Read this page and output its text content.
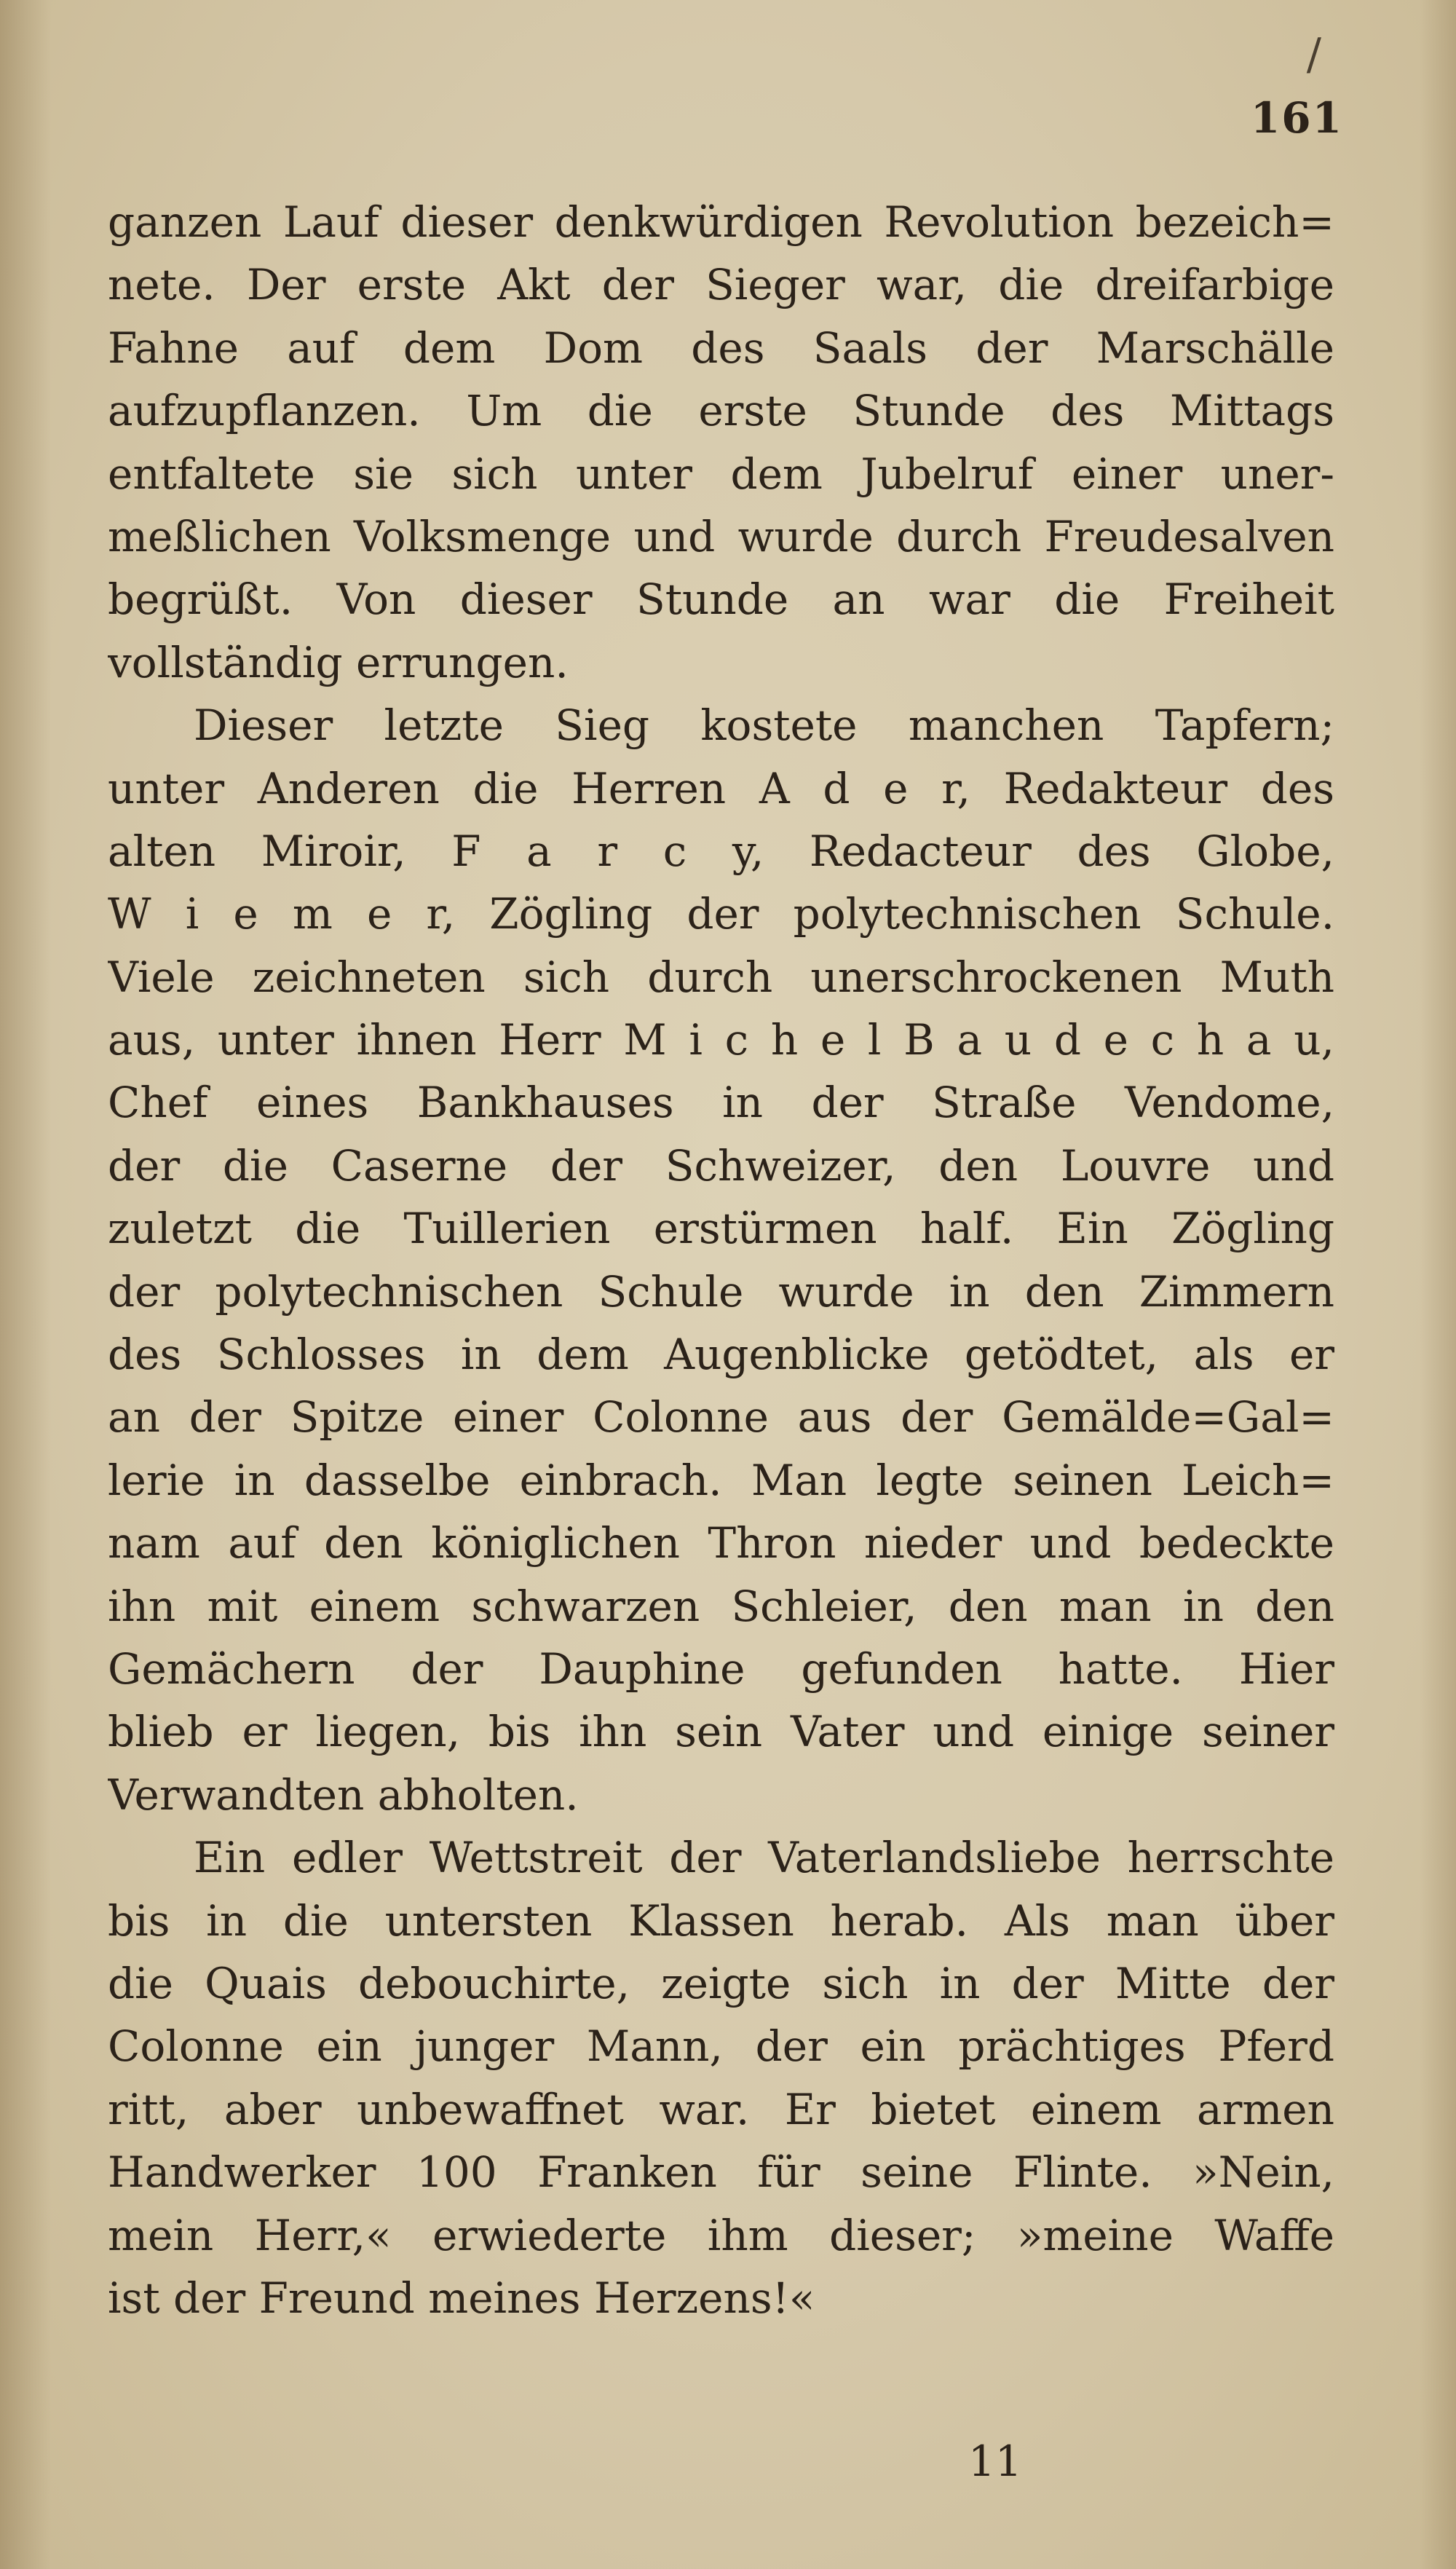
/
161
ganzen Lauf dieser denkwürdigen Revolution bezeich=
nete. Der erste Akt der Sieger war, die dreifarbige
Fahne auf dem Dom des Saals der Marschälle
aufzupflanzen. Um die erste Stunde des Mittags
entfaltete sie sich unter dem Jubelruf einer uner-
meßlichen Volksmenge und wurde durch Freudesalven
begrüßt. Von dieser Stunde an war die Freiheit
vollständig errungen.
Dieser letzte Sieg kostete manchen Tapfern;
unter Anderen die Herren A d e r, Redakteur des
alten Miroir, F a r c y, Redacteur des Globe,
W i e m e r, Zögling der polytechnischen Schule.
Viele zeichneten sich durch unerschrockenen Muth
aus, unter ihnen Herr M i c h e l B a u d e c h a u,
Chef eines Bankhauses in der Straße Vendome,
der die Caserne der Schweizer, den Louvre und
zuletzt die Tuillerien erstürmen half. Ein Zögling
der polytechnischen Schule wurde in den Zimmern
des Schlosses in dem Augenblicke getödtet, als er
an der Spitze einer Colonne aus der Gemälde=Gal=
lerie in dasselbe einbrach. Man legte seinen Leich=
nam auf den königlichen Thron nieder und bedeckte
ihn mit einem schwarzen Schleier, den man in den
Gemächern der Dauphine gefunden hatte. Hier
blieb er liegen, bis ihn sein Vater und einige seiner
Verwandten abholten.
Ein edler Wettstreit der Vaterlandsliebe herrschte
bis in die untersten Klassen herab. Als man über
die Quais debouchirte, zeigte sich in der Mitte der
Colonne ein junger Mann, der ein prächtiges Pferd
ritt, aber unbewaffnet war. Er bietet einem armen
Handwerker 100 Franken für seine Flinte. »Nein,
mein Herr,« erwiederte ihm dieser; »meine Waffe
ist der Freund meines Herzens!«
11
